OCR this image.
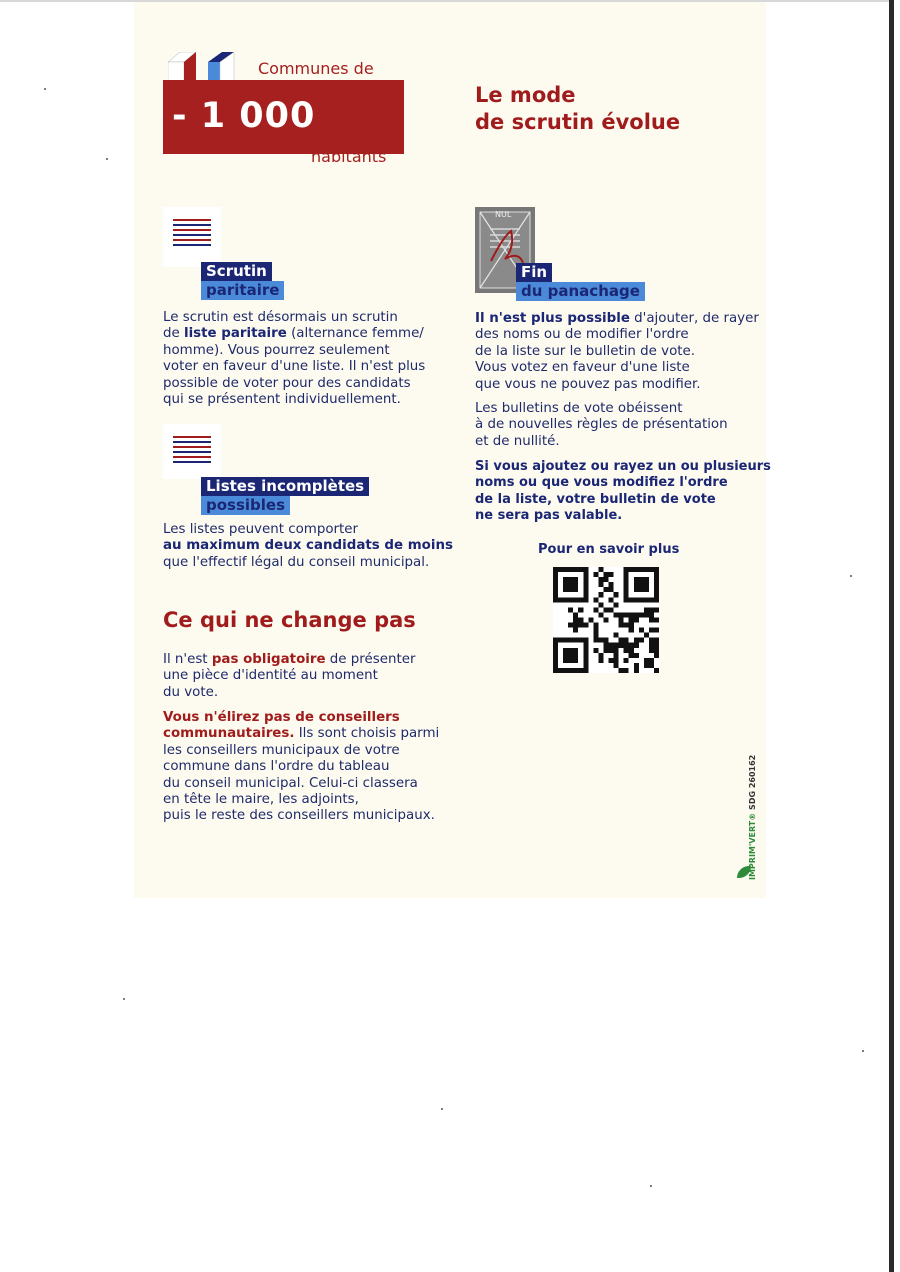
Communes de
- 1 000
habitants
Le mode
de scrutin évolue
Scrutin
paritaire
Le scrutin est désormais un scrutin
de liste paritaire (alternance femme/
homme). Vous pourrez seulement
voter en faveur d'une liste. Il n'est plus
possible de voter pour des candidats
qui se présentent individuellement.
Listes incomplètes
possibles
Les listes peuvent comporter
au maximum deux candidats de moins
que l'effectif légal du conseil municipal.
NUL
Fin
du panachage
Il n'est plus possible d'ajouter, de rayer
des noms ou de modifier l'ordre
de la liste sur le bulletin de vote.
Vous votez en faveur d'une liste
que vous ne pouvez pas modifier.
Les bulletins de vote obéissent
à de nouvelles règles de présentation
et de nullité.
Si vous ajoutez ou rayez un ou plusieurs
noms ou que vous modifiez l'ordre
de la liste, votre bulletin de vote
ne sera pas valable.
Pour en savoir plus
Ce qui ne change pas
Il n'est pas obligatoire de présenter
une pièce d'identité au moment
du vote.
Vous n'élirez pas de conseillers
communautaires. Ils sont choisis parmi
les conseillers municipaux de votre
commune dans l'ordre du tableau
du conseil municipal. Celui-ci classera
en tête le maire, les adjoints,
puis le reste des conseillers municipaux.	IMPRIM'VERT® SDG 260162
